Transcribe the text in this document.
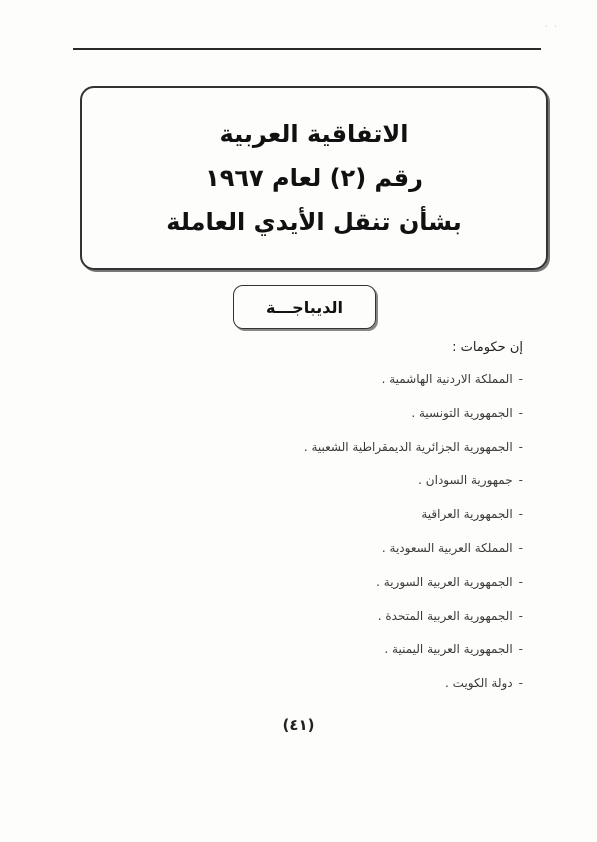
· ·
الاتفاقية العربية
رقم (٢) لعام ١٩٦٧
بشأن تنقل الأيدي العاملة
الديباجـــة
إن حكومات :
-المملكة الاردنية الهاشمية .
-الجمهورية التونسية .
-الجمهورية الجزائرية الديمقراطية الشعبية .
-جمهورية السودان .
-الجمهورية العراقية
-المملكة العربية السعودية .
-الجمهورية العربية السورية .
-الجمهورية العربية المتحدة .
-الجمهورية العربية اليمنية .
-دولة الكويت .
(٤١)
